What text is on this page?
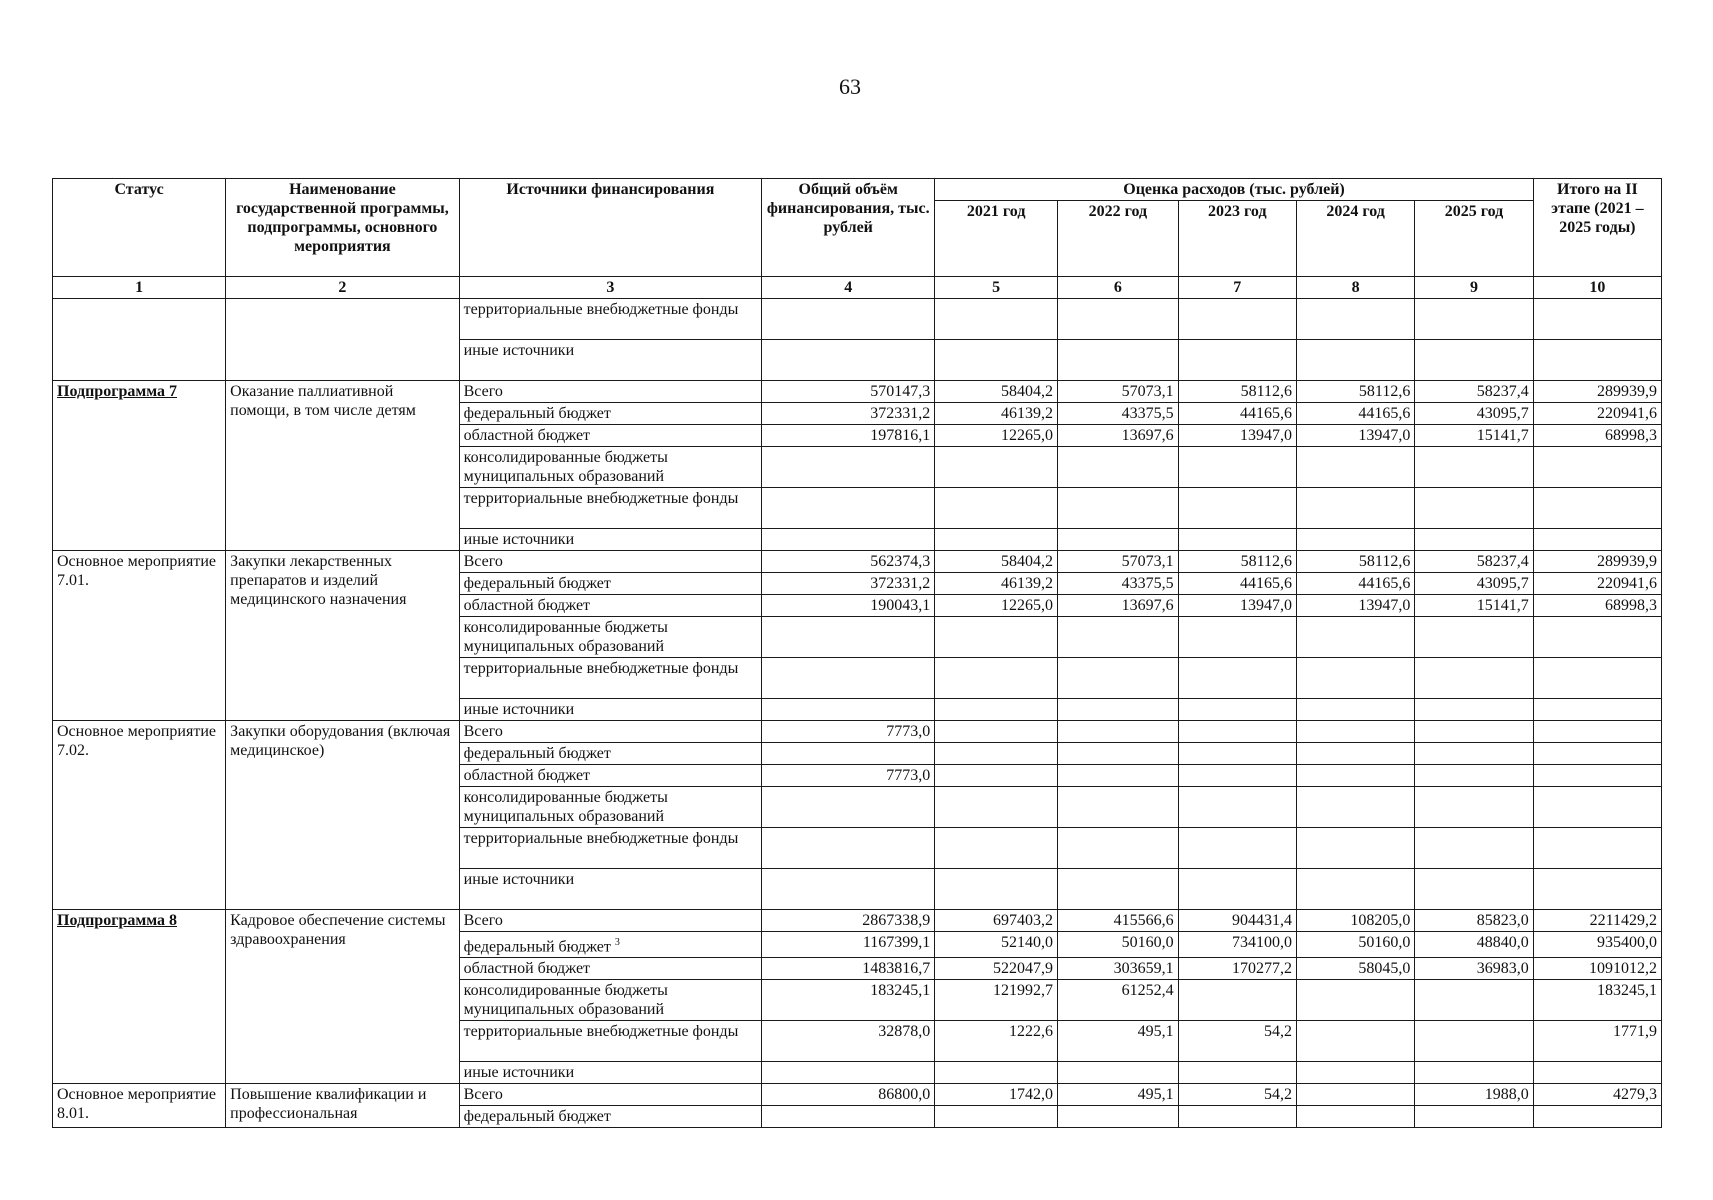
63
Статус	Наименование государственной программы, подпрограммы, основного мероприятия	Источники финансирования	Общий объём финансирования, тыс. рублей	Оценка расходов (тыс. рублей)					Итого на II этапе (2021 – 2025 годы)
				2021 год	2022 год	2023 год	2024 год	2025 год	
1	2	3	4	5	6	7	8	9	10
		территориальные внебюджетные фонды							
		иные источники							
Подпрограмма 7	Оказание паллиативной помощи, в том числе детям	Всего	570147,3	58404,2	57073,1	58112,6	58112,6	58237,4	289939,9
		федеральный бюджет	372331,2	46139,2	43375,5	44165,6	44165,6	43095,7	220941,6
		областной бюджет	197816,1	12265,0	13697,6	13947,0	13947,0	15141,7	68998,3
		консолидированные бюджеты муниципальных образований							
		территориальные внебюджетные фонды							
		иные источники							
Основное мероприятие 7.01.	Закупки лекарственных препаратов и изделий медицинского назначения	Всего	562374,3	58404,2	57073,1	58112,6	58112,6	58237,4	289939,9
		федеральный бюджет	372331,2	46139,2	43375,5	44165,6	44165,6	43095,7	220941,6
		областной бюджет	190043,1	12265,0	13697,6	13947,0	13947,0	15141,7	68998,3
		консолидированные бюджеты муниципальных образований							
		территориальные внебюджетные фонды							
		иные источники							
Основное мероприятие 7.02.	Закупки оборудования (включая медицинское)	Всего	7773,0						
		федеральный бюджет							
		областной бюджет	7773,0						
		консолидированные бюджеты муниципальных образований							
		территориальные внебюджетные фонды							
		иные источники							
Подпрограмма 8	Кадровое обеспечение системы здравоохранения	Всего	2867338,9	697403,2	415566,6	904431,4	108205,0	85823,0	2211429,2
		федеральный бюджет $^3$	1167399,1	52140,0	50160,0	734100,0	50160,0	48840,0	935400,0
		областной бюджет	1483816,7	522047,9	303659,1	170277,2	58045,0	36983,0	1091012,2
		консолидированные бюджеты муниципальных образований	183245,1	121992,7	61252,4				183245,1
		территориальные внебюджетные фонды	32878,0	1222,6	495,1	54,2			1771,9
		иные источники							
Основное мероприятие 8.01.	Повышение квалификации и профессиональная	Всего	86800,0	1742,0	495,1	54,2		1988,0	4279,3
		федеральный бюджет							
